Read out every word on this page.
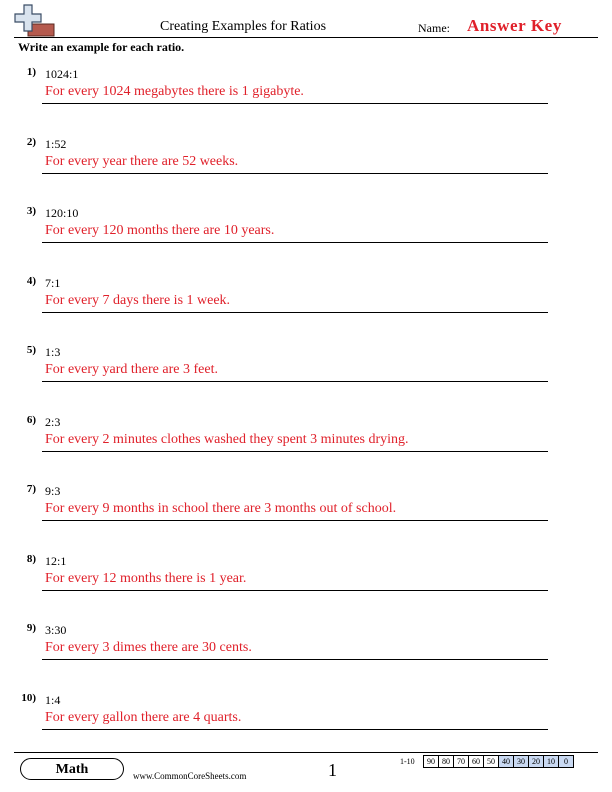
Creating Examples for Ratios	Name: Answer Key
Write an example for each ratio.
1) 1024:1
For every 1024 megabytes there is 1 gigabyte.
2) 1:52
For every year there are 52 weeks.
3) 120:10
For every 120 months there are 10 years.
4) 7:1
For every 7 days there is 1 week.
5) 1:3
For every yard there are 3 feet.
6) 2:3
For every 2 minutes clothes washed they spent 3 minutes drying.
7) 9:3
For every 9 months in school there are 3 months out of school.
8) 12:1
For every 12 months there is 1 year.
9) 3:30
For every 3 dimes there are 30 cents.
10) 1:4
For every gallon there are 4 quarts.
Math	www.CommonCoreSheets.com	1	1-10 90	80	70	60	50	40	30	20	10	0
